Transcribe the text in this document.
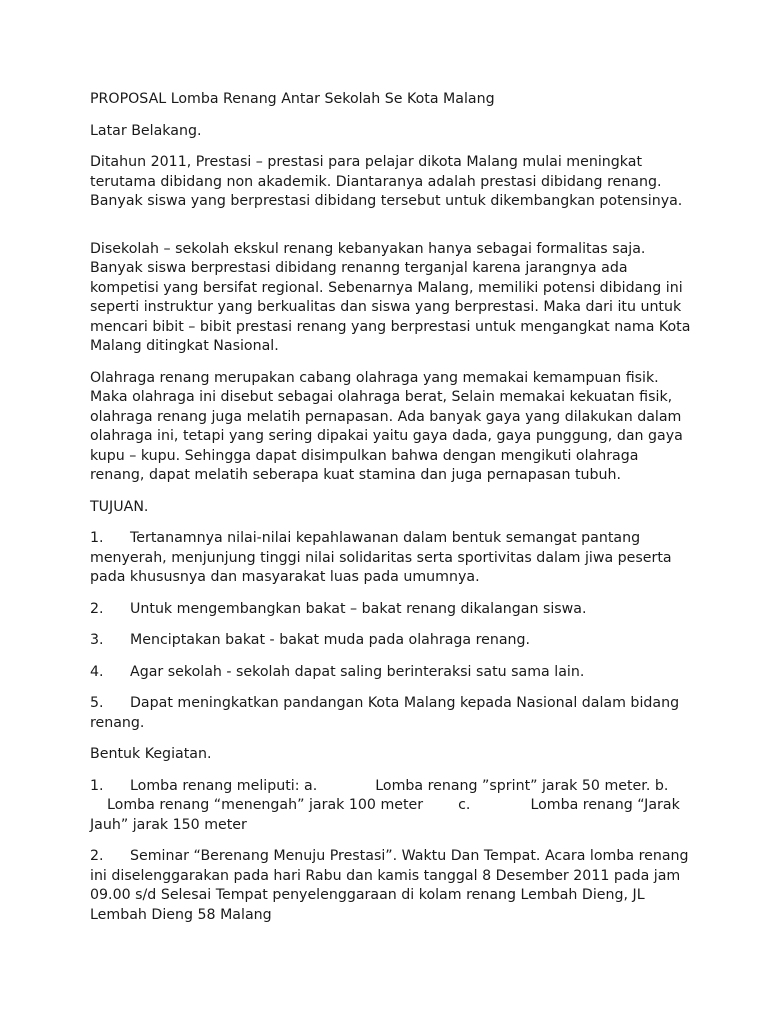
PROPOSAL Lomba Renang Antar Sekolah Se Kota Malang
Latar Belakang.
Ditahun 2011, Prestasi – prestasi para pelajar dikota Malang mulai meningkat
terutama dibidang non akademik. Diantaranya adalah prestasi dibidang renang.
Banyak siswa yang berprestasi dibidang tersebut untuk dikembangkan potensinya.
Disekolah – sekolah ekskul renang kebanyakan hanya sebagai formalitas saja.
Banyak siswa berprestasi dibidang renanng terganjal karena jarangnya ada
kompetisi yang bersifat regional. Sebenarnya Malang, memiliki potensi dibidang ini
seperti instruktur yang berkualitas dan siswa yang berprestasi. Maka dari itu untuk
mencari bibit – bibit prestasi renang yang berprestasi untuk mengangkat nama Kota
Malang ditingkat Nasional.
Olahraga renang merupakan cabang olahraga yang memakai kemampuan fisik.
Maka olahraga ini disebut sebagai olahraga berat, Selain memakai kekuatan fisik,
olahraga renang juga melatih pernapasan. Ada banyak gaya yang dilakukan dalam
olahraga ini, tetapi yang sering dipakai yaitu gaya dada, gaya punggung, dan gaya
kupu – kupu. Sehingga dapat disimpulkan bahwa dengan mengikuti olahraga
renang, dapat melatih seberapa kuat stamina dan juga pernapasan tubuh.
TUJUAN.
1.	Tertanamnya nilai-nilai kepahlawanan dalam bentuk semangat pantang
menyerah, menjunjung tinggi nilai solidaritas serta sportivitas dalam jiwa peserta
pada khususnya dan masyarakat luas pada umumnya.
2.	Untuk mengembangkan bakat – bakat renang dikalangan siswa.
3.	Menciptakan bakat - bakat muda pada olahraga renang.
4.	Agar sekolah - sekolah dapat saling berinteraksi satu sama lain.
5.	Dapat meningkatkan pandangan Kota Malang kepada Nasional dalam bidang
renang.
Bentuk Kegiatan.
1.	Lomba renang meliputi: a.	Lomba renang ”sprint” jarak 50 meter. b.
Lomba renang “menengah” jarak 100 meter c.	Lomba renang “Jarak
Jauh” jarak 150 meter
2.	Seminar “Berenang Menuju Prestasi”. Waktu Dan Tempat. Acara lomba renang
ini diselenggarakan pada hari Rabu dan kamis tanggal 8 Desember 2011 pada jam
09.00 s/d Selesai Tempat penyelenggaraan di kolam renang Lembah Dieng, JL
Lembah Dieng 58 Malang
